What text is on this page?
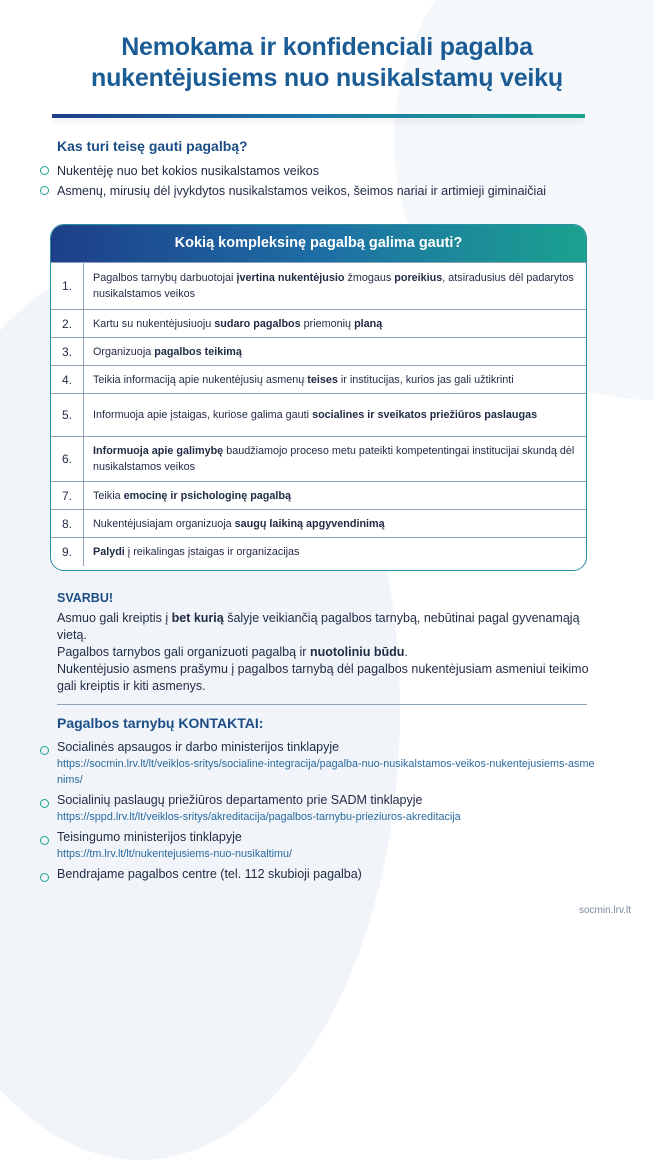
Nemokama ir konfidenciali pagalba
nukentėjusiems nuo nusikalstamų veikų
Kas turi teisę gauti pagalbą?
Nukentėję nuo bet kokios nusikalstamos veikos
Asmenų, mirusių dėl įvykdytos nusikalstamos veikos, šeimos nariai ir artimieji giminaičiai
Kokią kompleksinę pagalbą galima gauti?
1.	Pagalbos tarnybų darbuotojai įvertina nukentėjusio žmogaus poreikius, atsiradusius dėl padarytos nusikalstamos veikos
2.	Kartu su nukentėjusiuoju sudaro pagalbos priemonių planą
3.	Organizuoja pagalbos teikimą
4.	Teikia informaciją apie nukentėjusių asmenų teises ir institucijas, kurios jas gali užtikrinti
5.	Informuoja apie įstaigas, kuriose galima gauti socialines ir sveikatos priežiūros paslaugas
6.	Informuoja apie galimybę baudžiamojo proceso metu pateikti kompetentingai institucijai skundą dėl nusikalstamos veikos
7.	Teikia emocinę ir psichologinę pagalbą
8.	Nukentėjusiajam organizuoja saugų laikiną apgyvendinimą
9.	Palydi į reikalingas įstaigas ir organizacijas
SVARBU!

Asmuo gali kreiptis į bet kurią šalyje veikiančią pagalbos tarnybą, nebūtinai pagal gyvenamąją vietą.

Pagalbos tarnybos gali organizuoti pagalbą ir nuotoliniu būdu.

Nukentėjusio asmens prašymu į pagalbos tarnybą dėl pagalbos nukentėjusiam asmeniui teikimo gali kreiptis ir kiti asmenys.

Pagalbos tarnybų KONTAKTAI:
Socialinės apsaugos ir darbo ministerijos tinklapyje
https://socmin.lrv.lt/lt/veiklos-sritys/socialine-integracija/pagalba-nuo-nusikalstamos-veikos-nukentejusiems-asmenims/
Socialinių paslaugų priežiūros departamento prie SADM tinklapyje
https://sppd.lrv.lt/lt/veiklos-sritys/akreditacija/pagalbos-tarnybu-prieziuros-akreditacija
Teisingumo ministerijos tinklapyje
https://tm.lrv.lt/lt/nukentejusiems-nuo-nusikaltimu/
Bendrajame pagalbos centre (tel. 112 skubioji pagalba)
socmin.lrv.lt
